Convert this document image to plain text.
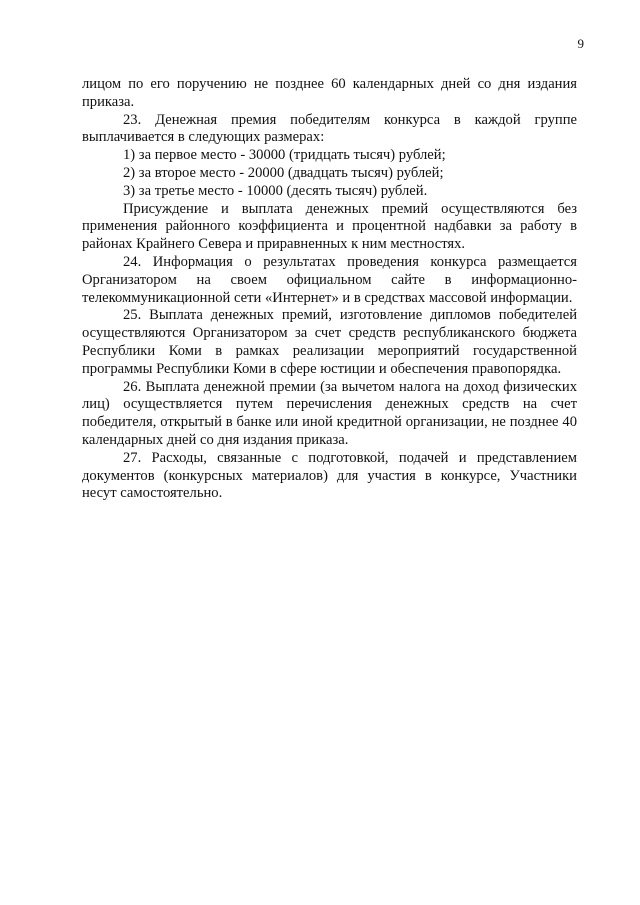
9

лицом по его поручению не позднее 60 календарных дней со дня издания приказа.

23. Денежная премия победителям конкурса в каждой группе выплачивается в следующих размерах:

1) за первое место - 30000 (тридцать тысяч) рублей;

2) за второе место - 20000 (двадцать тысяч) рублей;

3) за третье место - 10000 (десять тысяч) рублей.

Присуждение и выплата денежных премий осуществляются без применения районного коэффициента и процентной надбавки за работу в районах Крайнего Севера и приравненных к ним местностях.

24. Информация о результатах проведения конкурса размещается Организатором на своем официальном сайте в информационно-телекоммуникационной сети «Интернет» и в средствах массовой информации.

25. Выплата денежных премий, изготовление дипломов победителей осуществляются Организатором за счет средств республиканского бюджета Республики Коми в рамках реализации мероприятий государственной программы Республики Коми в сфере юстиции и обеспечения правопорядка.

26. Выплата денежной премии (за вычетом налога на доход физических лиц) осуществляется путем перечисления денежных средств на счет победителя, открытый в банке или иной кредитной организации, не позднее 40 календарных дней со дня издания приказа.

27. Расходы, связанные с подготовкой, подачей и представлением документов (конкурсных материалов) для участия в конкурсе, Участники несут самостоятельно.
